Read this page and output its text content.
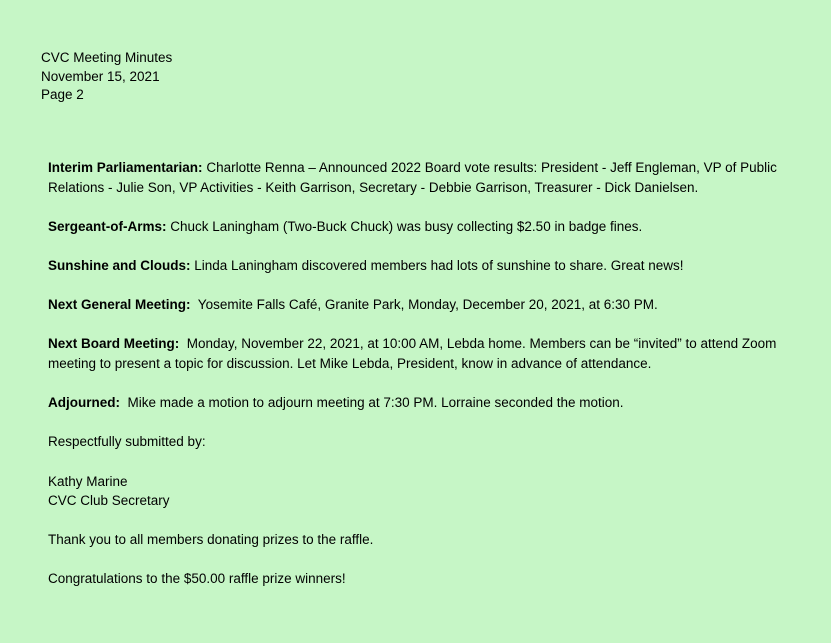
CVC Meeting Minutes
November 15, 2021
Page 2

Interim Parliamentarian: Charlotte Renna – Announced 2022 Board vote results: President - Jeff Engleman, VP of Public Relations - Julie Son, VP Activities - Keith Garrison, Secretary - Debbie Garrison, Treasurer - Dick Danielsen.

Sergeant-of-Arms: Chuck Laningham (Two-Buck Chuck) was busy collecting $2.50 in badge fines.

Sunshine and Clouds: Linda Laningham discovered members had lots of sunshine to share. Great news!

Next General Meeting:  Yosemite Falls Café, Granite Park, Monday, December 20, 2021, at 6:30 PM.

Next Board Meeting:  Monday, November 22, 2021, at 10:00 AM, Lebda home. Members can be “invited” to attend Zoom meeting to present a topic for discussion. Let Mike Lebda, President, know in advance of attendance.

Adjourned:  Mike made a motion to adjourn meeting at 7:30 PM. Lorraine seconded the motion.

Respectfully submitted by:

Kathy Marine

CVC Club Secretary

Thank you to all members donating prizes to the raffle.

Congratulations to the $50.00 raffle prize winners!
